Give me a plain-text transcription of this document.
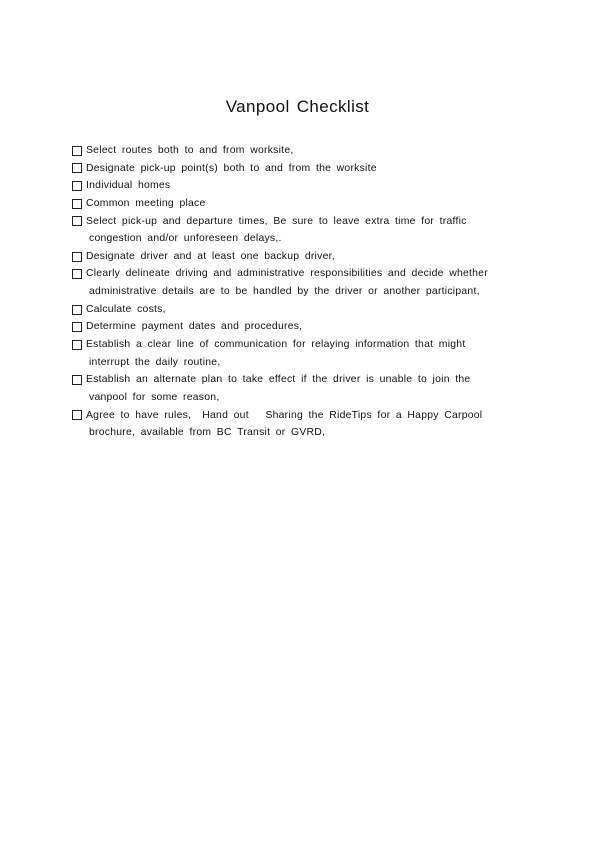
Vanpool Checklist
Select routes both to and from worksite,
Designate pick-up point(s) both to and from the worksite
Individual homes
Common meeting place
Select pick-up and departure times, Be sure to leave extra time for traffic
congestion and/or unforeseen delays,.
Designate driver and at least one backup driver,
Clearly delineate driving and administrative responsibilities and decide whether
administrative details are to be handled by the driver or another participant,
Calculate costs,
Determine payment dates and procedures,
Establish a clear line of communication for relaying information that might
interrupt the daily routine,
Establish an alternate plan to take effect if the driver is unable to join the
vanpool for some reason,
Agree to have rules,  Hand out   Sharing the RideTips for a Happy Carpool
brochure, available from BC Transit or GVRD,
